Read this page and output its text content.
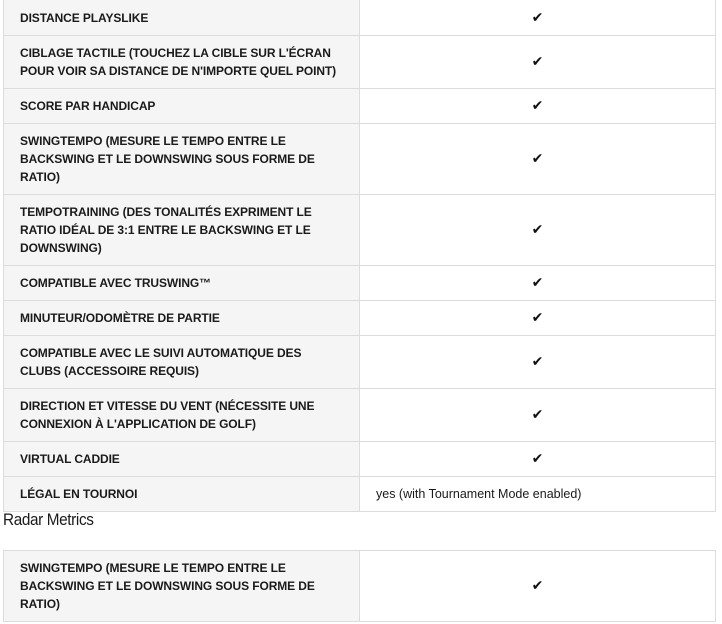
DISTANCE PLAYSLIKE	✔
CIBLAGE TACTILE (TOUCHEZ LA CIBLE SUR L'ÉCRAN POUR VOIR SA DISTANCE DE N'IMPORTE QUEL POINT)	✔
SCORE PAR HANDICAP	✔
SWINGTEMPO (MESURE LE TEMPO ENTRE LE BACKSWING ET LE DOWNSWING SOUS FORME DE RATIO)	✔
TEMPOTRAINING (DES TONALITÉS EXPRIMENT LE RATIO IDÉAL DE 3:1 ENTRE LE BACKSWING ET LE DOWNSWING)	✔
COMPATIBLE AVEC TRUSWING™	✔
MINUTEUR/ODOMÈTRE DE PARTIE	✔
COMPATIBLE AVEC LE SUIVI AUTOMATIQUE DES CLUBS (ACCESSOIRE REQUIS)	✔
DIRECTION ET VITESSE DU VENT (NÉCESSITE UNE CONNEXION À L'APPLICATION DE GOLF)	✔
VIRTUAL CADDIE	✔
LÉGAL EN TOURNOI	yes (with Tournament Mode enabled)
Radar Metrics
SWINGTEMPO (MESURE LE TEMPO ENTRE LE BACKSWING ET LE DOWNSWING SOUS FORME DE RATIO)	✔
